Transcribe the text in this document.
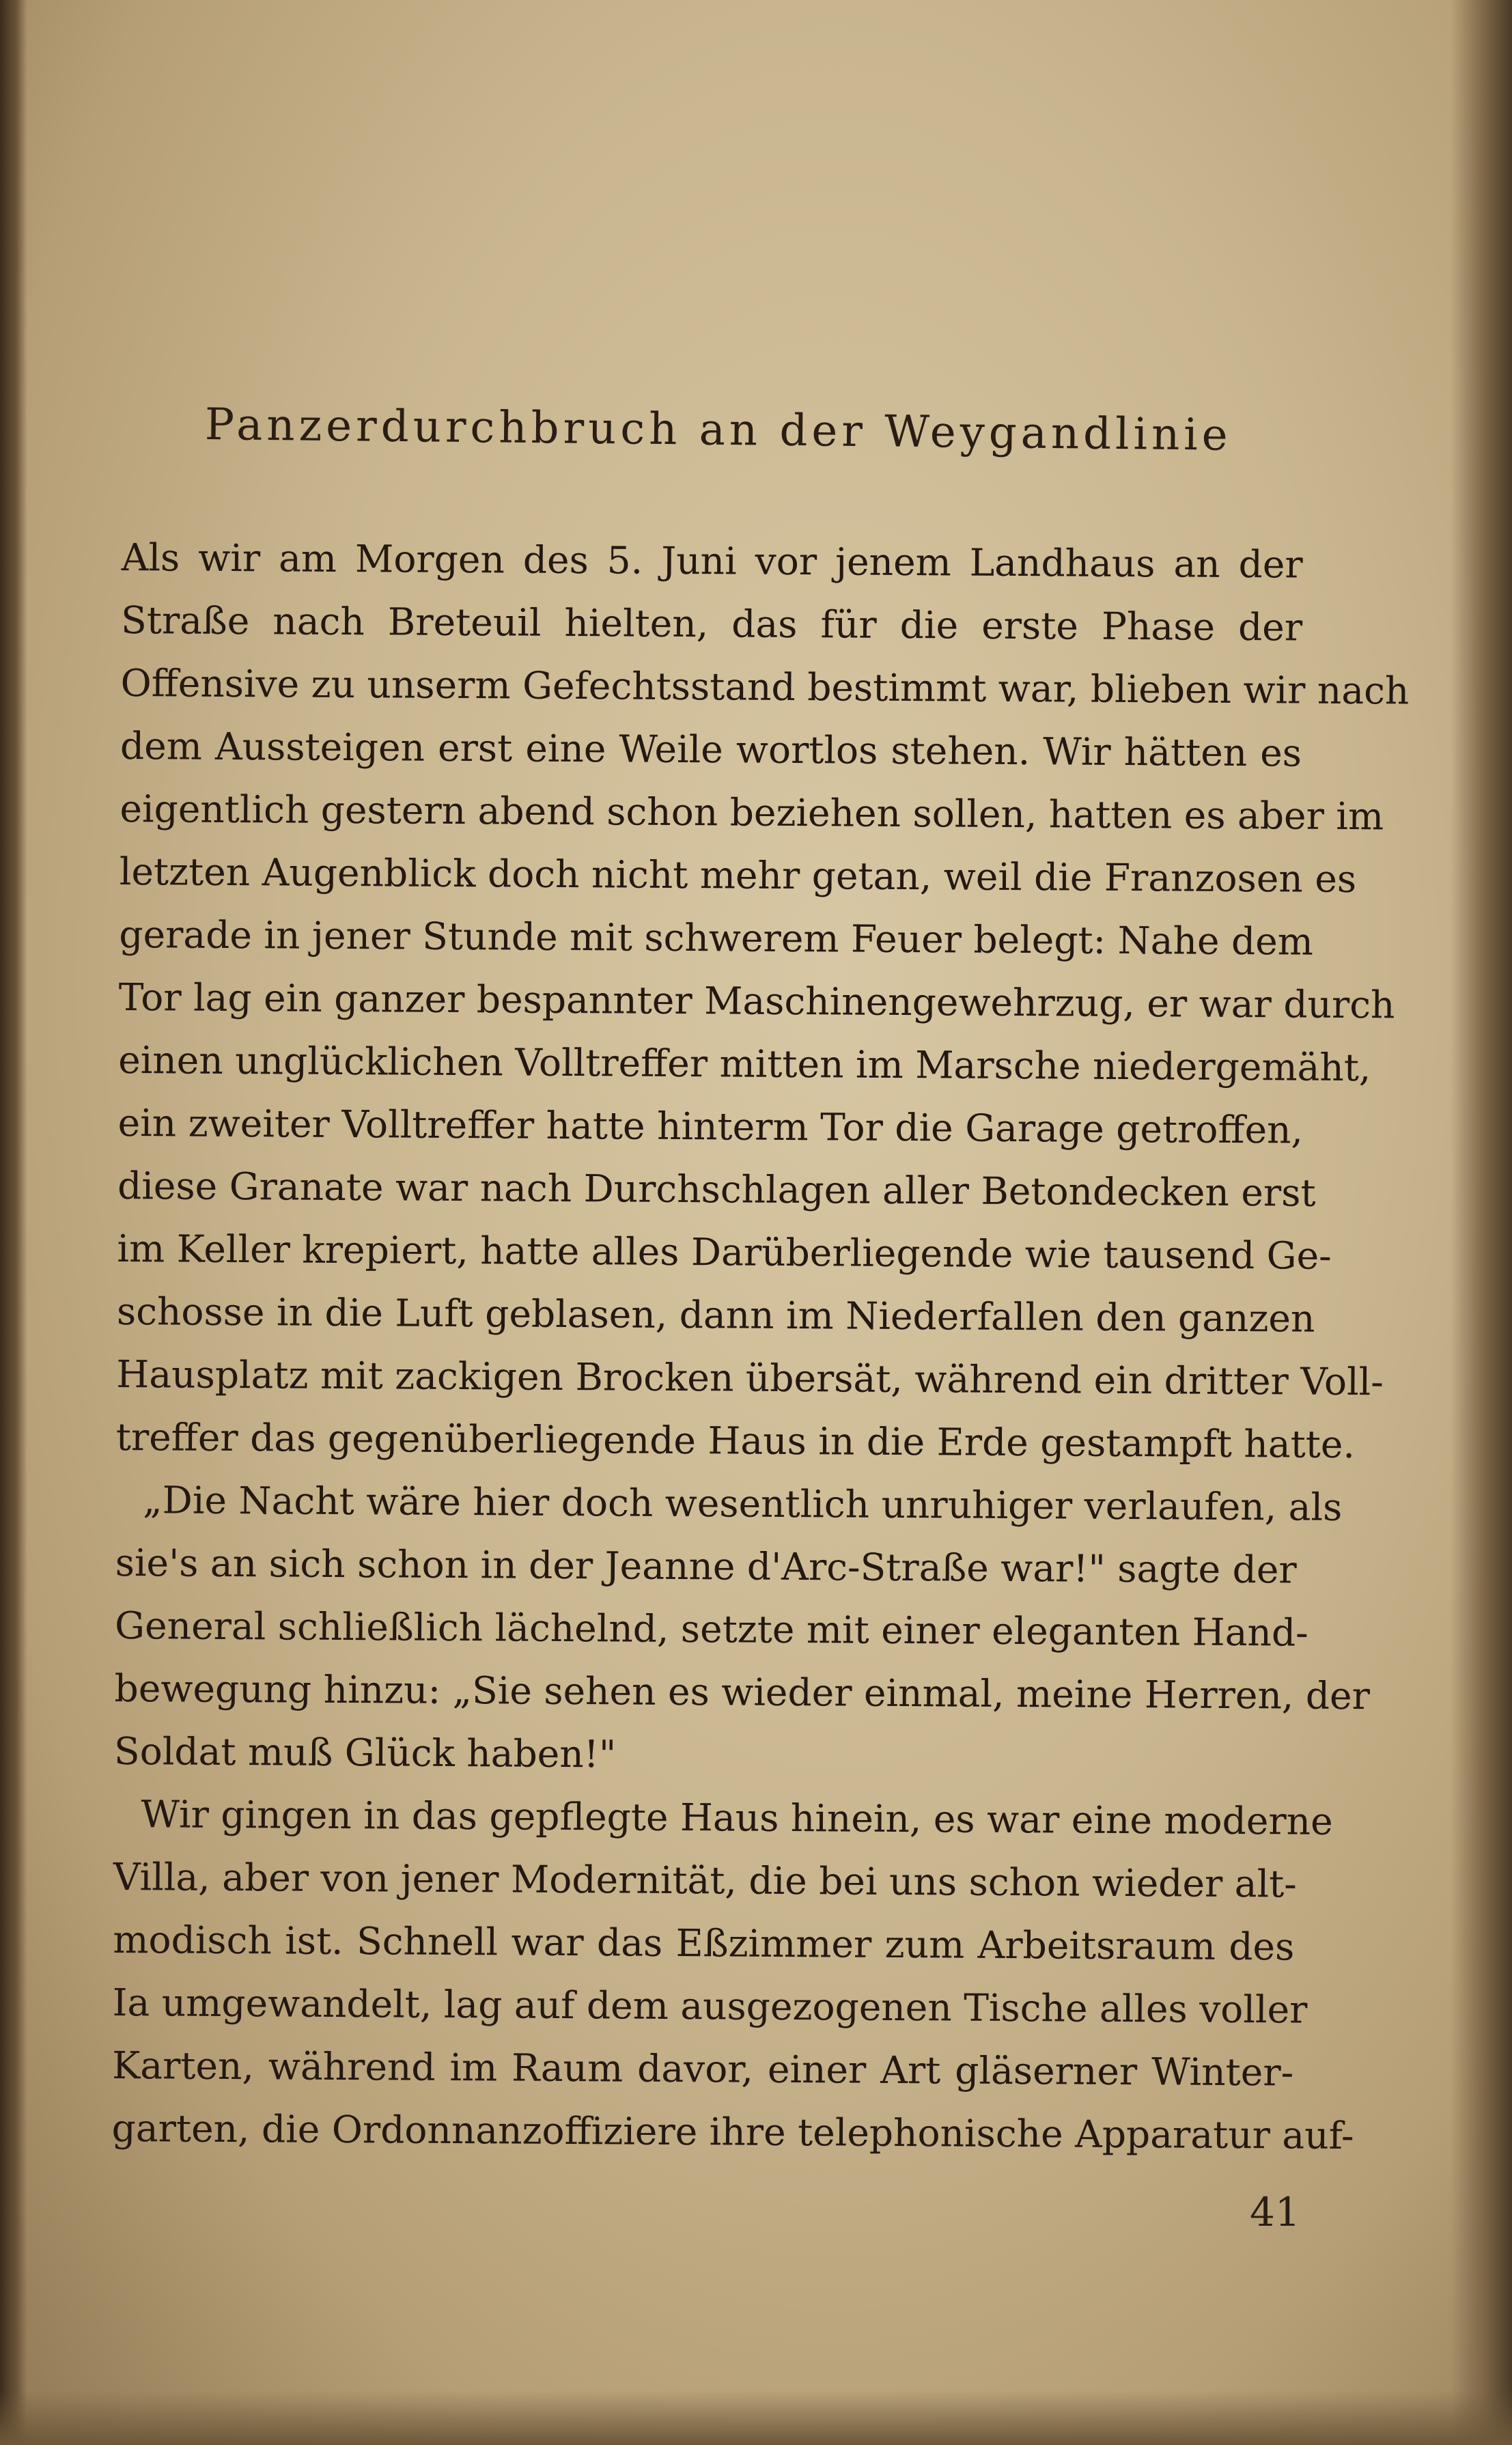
Panzerdurchbruch an der Weygandlinie
Als wir am Morgen des 5. Juni vor jenem Landhaus an der
Straße nach Breteuil hielten, das für die erste Phase der
Offensive zu unserm Gefechtsstand bestimmt war, blieben wir nach
dem Aussteigen erst eine Weile wortlos stehen. Wir hätten es
eigentlich gestern abend schon beziehen sollen, hatten es aber im
letzten Augenblick doch nicht mehr getan, weil die Franzosen es
gerade in jener Stunde mit schwerem Feuer belegt: Nahe dem
Tor lag ein ganzer bespannter Maschinengewehrzug, er war durch
einen unglücklichen Volltreffer mitten im Marsche niedergemäht,
ein zweiter Volltreffer hatte hinterm Tor die Garage getroffen,
diese Granate war nach Durchschlagen aller Betondecken erst
im Keller krepiert, hatte alles Darüberliegende wie tausend Ge-
schosse in die Luft geblasen, dann im Niederfallen den ganzen
Hausplatz mit zackigen Brocken übersät, während ein dritter Voll-
treffer das gegenüberliegende Haus in die Erde gestampft hatte.
„Die Nacht wäre hier doch wesentlich unruhiger verlaufen, als
sie's an sich schon in der Jeanne d'Arc-Straße war!" sagte der
General schließlich lächelnd, setzte mit einer eleganten Hand-
bewegung hinzu: „Sie sehen es wieder einmal, meine Herren, der
Soldat muß Glück haben!"
Wir gingen in das gepflegte Haus hinein, es war eine moderne
Villa, aber von jener Modernität, die bei uns schon wieder alt-
modisch ist. Schnell war das Eßzimmer zum Arbeitsraum des
Ia umgewandelt, lag auf dem ausgezogenen Tische alles voller
Karten, während im Raum davor, einer Art gläserner Winter-
garten, die Ordonnanzoffiziere ihre telephonische Apparatur auf-
41
